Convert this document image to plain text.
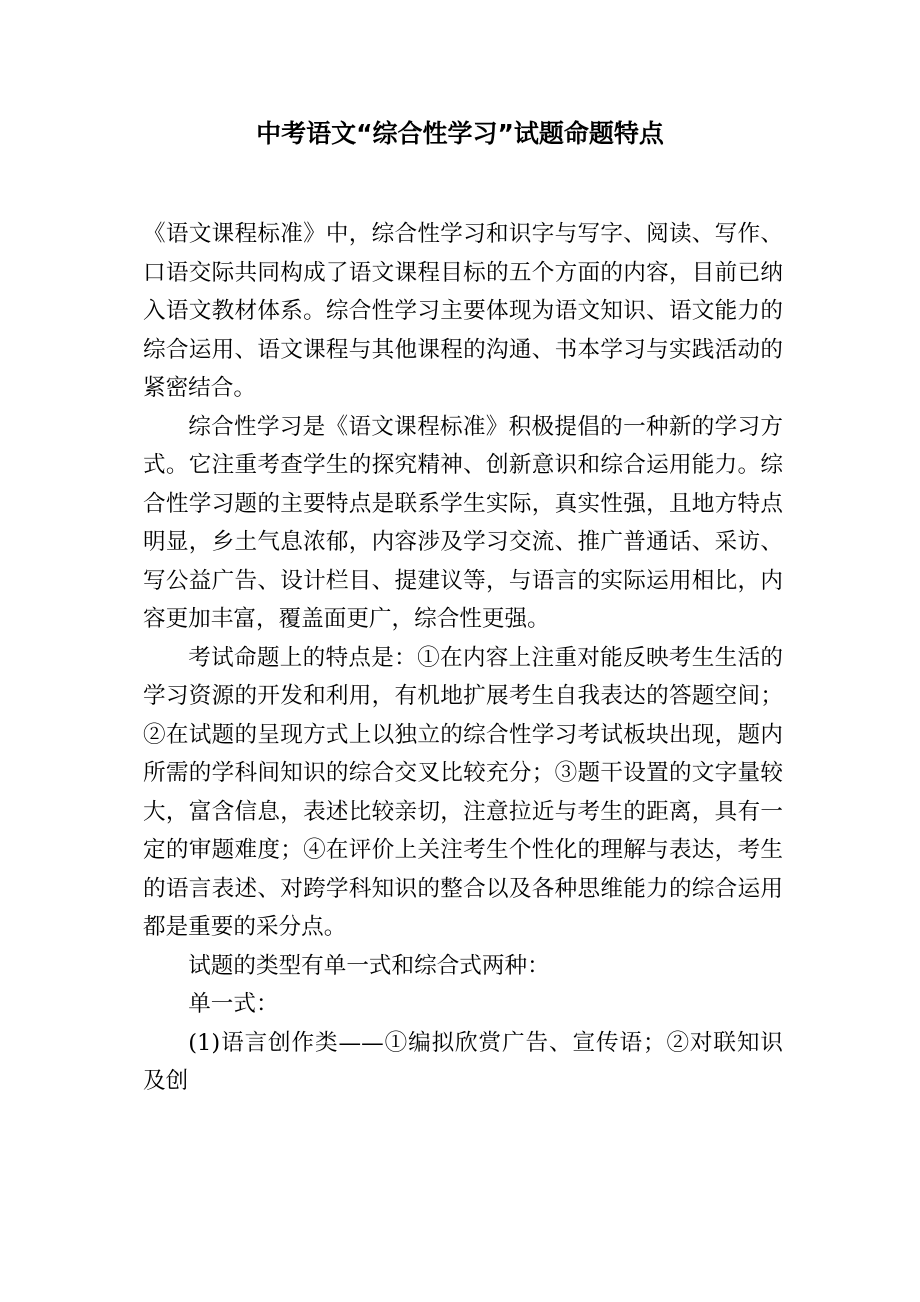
中考语文“综合性学习”试题命题特点

《语文课程标准》中，综合性学习和识字与写字、阅读、写作、口语交际共同构成了语文课程目标的五个方面的内容，目前已纳入语文教材体系。综合性学习主要体现为语文知识、语文能力的综合运用、语文课程与其他课程的沟通、书本学习与实践活动的紧密结合。

综合性学习是《语文课程标准》积极提倡的一种新的学习方式。它注重考查学生的探究精神、创新意识和综合运用能力。综合性学习题的主要特点是联系学生实际，真实性强，且地方特点明显，乡土气息浓郁，内容涉及学习交流、推广普通话、采访、写公益广告、设计栏目、提建议等，与语言的实际运用相比，内容更加丰富，覆盖面更广，综合性更强。

考试命题上的特点是：①在内容上注重对能反映考生生活的学习资源的开发和利用，有机地扩展考生自我表达的答题空间；②在试题的呈现方式上以独立的综合性学习考试板块出现，题内所需的学科间知识的综合交叉比较充分；③题干设置的文字量较大，富含信息，表述比较亲切，注意拉近与考生的距离，具有一定的审题难度；④在评价上关注考生个性化的理解与表达，考生的语言表述、对跨学科知识的整合以及各种思维能力的综合运用都是重要的采分点。

试题的类型有单一式和综合式两种：

单一式：

(1)语言创作类——①编拟欣赏广告、宣传语；②对联知识及创
